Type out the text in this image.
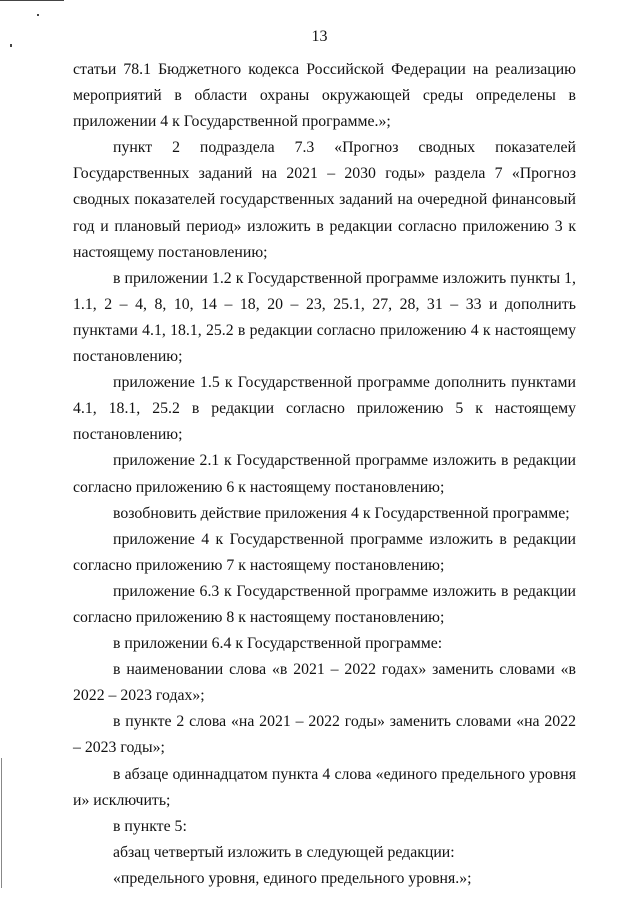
13

статьи 78.1 Бюджетного кодекса Российской Федерации на реализацию мероприятий в области охраны окружающей среды определены в приложении 4 к Государственной программе.»;

пункт 2 подраздела 7.3 «Прогноз сводных показателей Государственных заданий на 2021 – 2030 годы» раздела 7 «Прогноз сводных показателей государственных заданий на очередной финансовый год и плановый период» изложить в редакции согласно приложению 3 к настоящему постановлению;

в приложении 1.2 к Государственной программе изложить пункты 1, 1.1, 2 – 4, 8, 10, 14 – 18, 20 – 23, 25.1, 27, 28, 31 – 33 и дополнить пунктами 4.1, 18.1, 25.2 в редакции согласно приложению 4 к настоящему постановлению;

приложение 1.5 к Государственной программе дополнить пунктами 4.1, 18.1, 25.2 в редакции согласно приложению 5 к настоящему постановлению;

приложение 2.1 к Государственной программе изложить в редакции согласно приложению 6 к настоящему постановлению;

возобновить действие приложения 4 к Государственной программе;

приложение 4 к Государственной программе изложить в редакции согласно приложению 7 к настоящему постановлению;

приложение 6.3 к Государственной программе изложить в редакции согласно приложению 8 к настоящему постановлению;

в приложении 6.4 к Государственной программе:

в наименовании слова «в 2021 – 2022 годах» заменить словами «в 2022 – 2023 годах»;

в пункте 2 слова «на 2021 – 2022 годы» заменить словами «на 2022 – 2023 годы»;

в абзаце одиннадцатом пункта 4 слова «единого предельного уровня и» исключить;

в пункте 5:

абзац четвертый изложить в следующей редакции:

«предельного уровня, единого предельного уровня.»;
